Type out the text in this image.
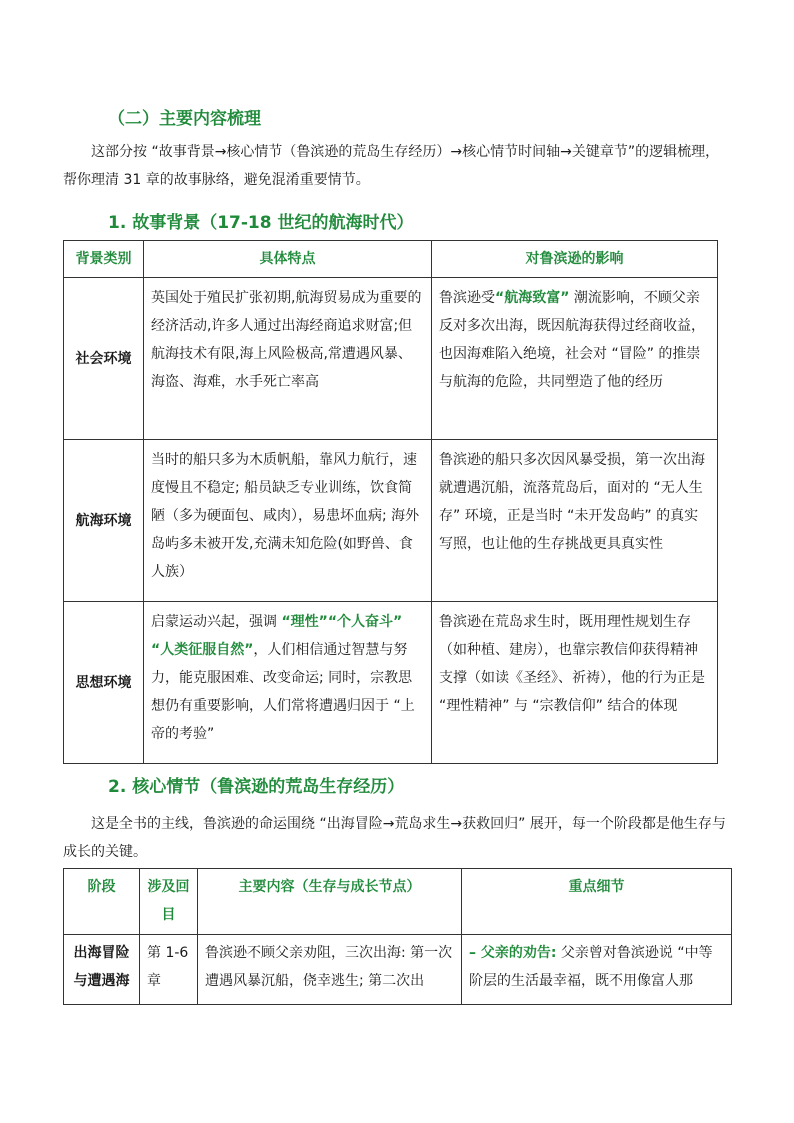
（二）主要内容梳理
这部分按 “故事背景→核心情节（鲁滨逊的荒岛生存经历）→核心情节时间轴→关键章节”的逻辑梳理，帮你理清 31 章的故事脉络，避免混淆重要情节。
1. 故事背景（17-18 世纪的航海时代）
背景类别	具体特点	对鲁滨逊的影响
社会环境	英国处于殖民扩张初期,航海贸易成为重要的经济活动,许多人通过出海经商追求财富;但航海技术有限,海上风险极高,常遭遇风暴、海盗、海难，水手死亡率高	鲁滨逊受“航海致富” 潮流影响，不顾父亲反对多次出海，既因航海获得过经商收益，也因海难陷入绝境，社会对 “冒险” 的推崇与航海的危险，共同塑造了他的经历
航海环境	当时的船只多为木质帆船，靠风力航行，速度慢且不稳定; 船员缺乏专业训练，饮食简陋（多为硬面包、咸肉），易患坏血病; 海外岛屿多未被开发,充满未知危险(如野兽、食人族）	鲁滨逊的船只多次因风暴受损，第一次出海就遭遇沉船，流落荒岛后，面对的 “无人生存” 环境，正是当时 “未开发岛屿” 的真实写照，也让他的生存挑战更具真实性
思想环境	启蒙运动兴起，强调 “理性”“个人奋斗” “人类征服自然”，人们相信通过智慧与努力，能克服困难、改变命运; 同时，宗教思想仍有重要影响，人们常将遭遇归因于 “上帝的考验”	鲁滨逊在荒岛求生时，既用理性规划生存（如种植、建房），也靠宗教信仰获得精神支撑（如读《圣经》、祈祷），他的行为正是 “理性精神” 与 “宗教信仰” 结合的体现
2. 核心情节（鲁滨逊的荒岛生存经历）
这是全书的主线，鲁滨逊的命运围绕 “出海冒险→荒岛求生→获救回归” 展开，每一个阶段都是他生存与成长的关键。
阶段	涉及回目	主要内容（生存与成长节点）	重点细节
出海冒险与遭遇海	第 1-6 章	鲁滨逊不顾父亲劝阻，三次出海: 第一次遭遇风暴沉船，侥幸逃生; 第二次出	– 父亲的劝告: 父亲曾对鲁滨逊说 “中等阶层的生活最幸福，既不用像富人那
